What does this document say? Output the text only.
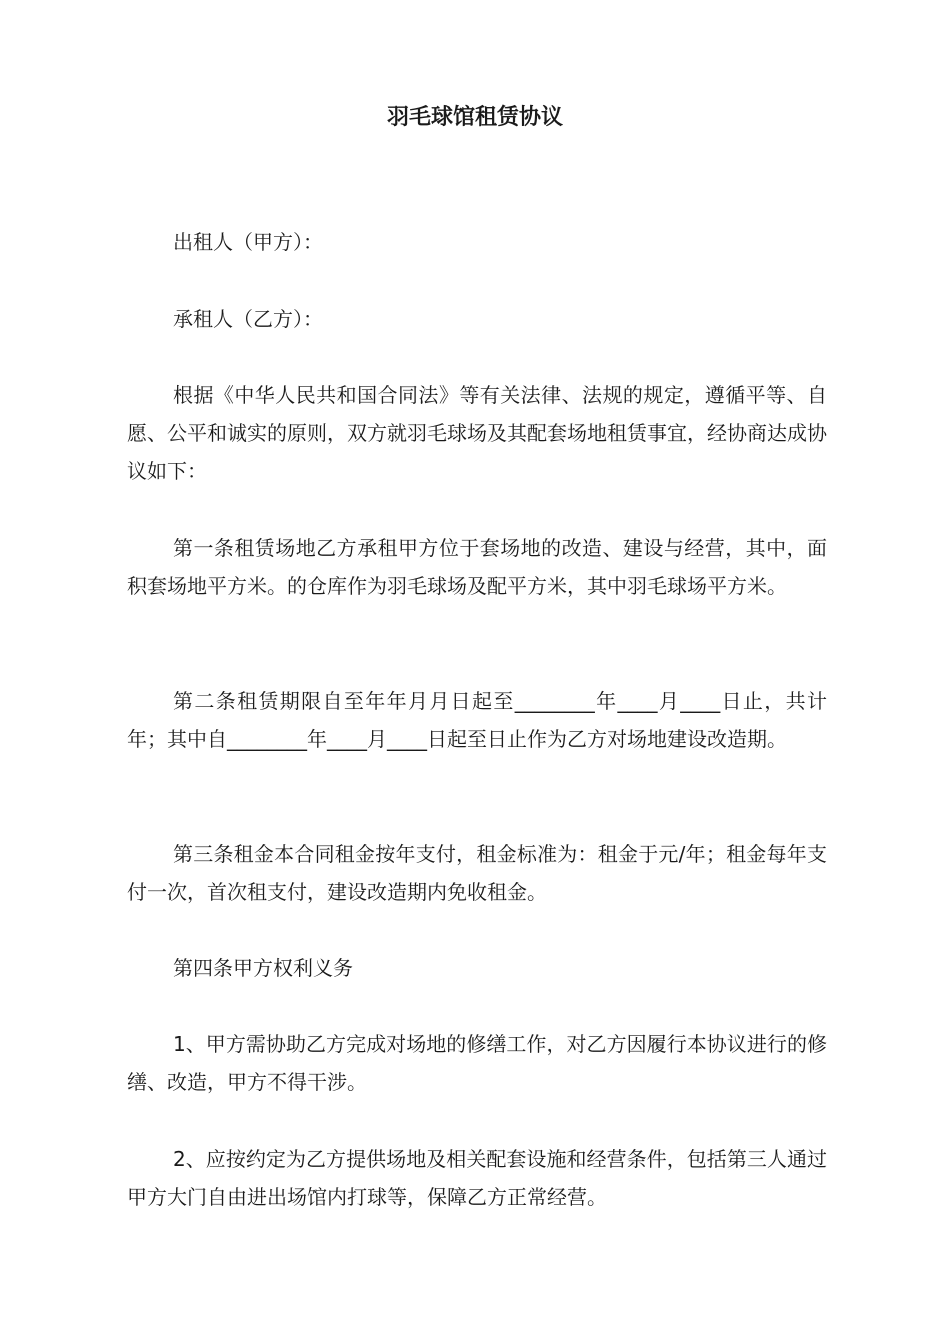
羽毛球馆租赁协议

出租人（甲方）：

承租人（乙方）：

根据《中华人民共和国合同法》等有关法律、法规的规定，遵循平等、自愿、公平和诚实的原则，双方就羽毛球场及其配套场地租赁事宜，经协商达成协议如下：

第一条租赁场地乙方承租甲方位于套场地的改造、建设与经营，其中，面积套场地平方米。的仓库作为羽毛球场及配平方米，其中羽毛球场平方米。

第二条租赁期限自至年年月月日起至________年____月____日止，共计年；其中自________年____月____日起至日止作为乙方对场地建设改造期。

第三条租金本合同租金按年支付，租金标准为：租金于元/年；租金每年支付一次，首次租支付，建设改造期内免收租金。

第四条甲方权利义务

1、甲方需协助乙方完成对场地的修缮工作，对乙方因履行本协议进行的修缮、改造，甲方不得干涉。

2、应按约定为乙方提供场地及相关配套设施和经营条件，包括第三人通过甲方大门自由进出场馆内打球等，保障乙方正常经营。
